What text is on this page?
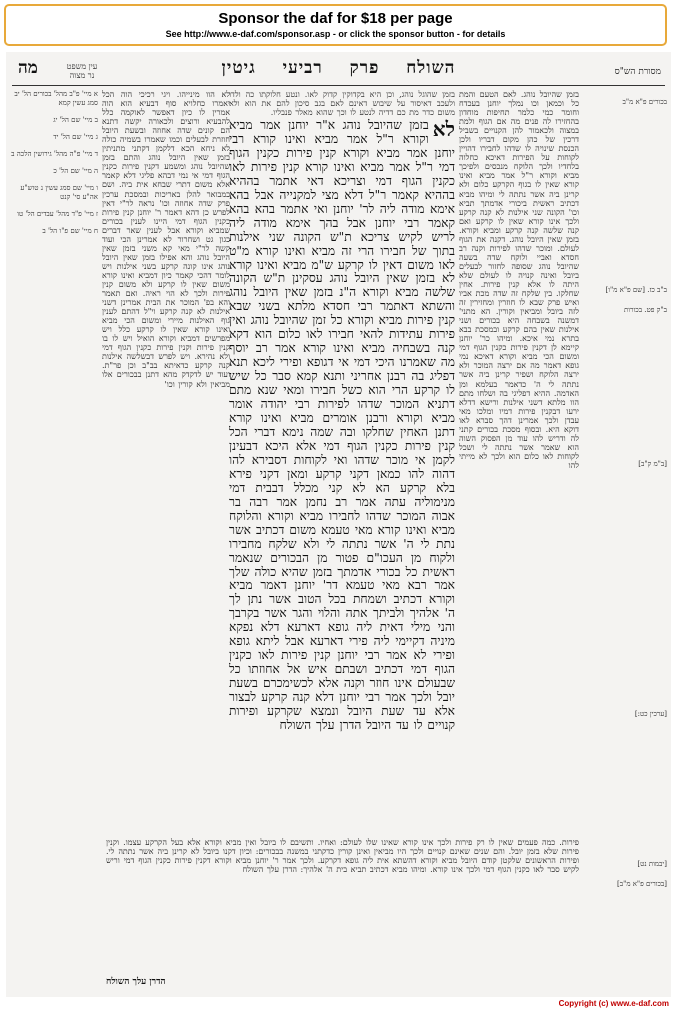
Sponsor the daf for $18 per page
See http://www.e-daf.com/sponsor.asp - or click the sponsor button - for details
מסורת הש"ס
השולח פרק רביעי גיטין
עין משפט נר מצוה
מה
בכורים פ"א מ"ב
ב"ב כז. [שם פ"א מ"ו]
ב"ק פט. בכורות
[ב"מ ק"ב]
[ערכין כט:]
[יבמות נט]
[בכורים פ"א מ"ב]
בזמן שהיובל נוהג. לאם הטעם והמת כל וכמאן וכו נמלך יוחנן בעכדח וחומר כמי כלמר תחיפות מוחדון בהחזירו לה פנים מה אם הגוף ולמת במצוה ולכאמור להן הקנויים בשביל דרכין של כהן מקום דבריו ולכן הכנסת שינויה לו שדהו לחבירו דהויין לקוחות על הפירות דאיכא כחלוה בלחדיו ולכך הלוקח מנכסים ולפיכך מביא וקורא ר"ל אמר מביא ואינו קורא שאין לו בגוף הקרקע כלום ולא קרינן ביה אשר נתתה לי ומיהו מביא דכתיב ראשית ביכורי אדמתך תביא וכו' הקונה שני אילנות לא קנה קרקע ולכך אינו קורא שאין לו קרקע ואם קנה שלשה קנה קרקע ומביא וקורא. בזמן שאין היובל נוהג. דקנה את הגוף לעולם. ומוכר שדהו לפירות וקנה רב חסדא ואביי ולוקח שדה בשעה שהיובל נוהג שסופה לחזור לבעלים ביובל ואינה קנויה לו לעולם שלא היתה לו אלא קנין פירות. אחין שחלקו. בין שלקח זה שדה מכת אביו ואיש פרק שבא לו חוזרין ומחזירין זה לזה ביובל ומביאין וקורין. הא מתני' דמשנה בשבחה היא בכורים ושני אילנות שאין בהם קרקע ובמסכת בבא בתרא נמי איכא. ומיהו כר' יוחנן קיימא לן דקנין פירות כקנין הגוף דמי ומשום הכי מביא וקורא דאיכא נמי גופא דאמר מה אם ירצה המוכר ולא ירצה הלוקח ושפיר קרינן ביה אשר נתתה לי ה' כדאמר בעלמא ומן האדמה. ההיא דפליגי בה ושלחו מתם הוו מלתא דשני אילנות ורישא דדלא ירעו דבקנין פירות דמיו ומלכו מאי עבדן ולכך אמרינן דהך סברא לאו דוקא היא. ובסוף מסכת בכורים קתני לה ודריש להו עוד מן הפסוק השוה הוא שאמר אשר נתתה לי ושכל לקוחות לאו כלום הוא ולכך לא מייתי להו
בזמן שהוגל נוהג, וכן היא בקדוקין קדוק לאו. ונטע חלוקתו כה ולדו ולעכב דאיסור על שיבוש דאינם לאם בגב סיכון להם את הוא ולא משום כדר מת כם דדיה לנטע לו וכך שהוא מאלר פנבליו.
לא
בזמן שהיובל נוהג א"ר יוחנן אמר מביא וקורא ר"ל אמר מביא ואינו קורא רבי יוחנן אמר מביא וקורא קנין פירות כקנין הגוף דמי ר"ל אמר מביא ואינו קורא קנין פירות לאו כקנין הגוף דמי וצריכא דאי אתמר בההיא בההיא קאמר ר"ל דלא מצי למקנייה אבל בהא אימא מודה ליה לר' יוחנן ואי אתמר בהא בהא קאמר רבי יוחנן אבל בהך אימא מודה ליה לריש לקיש צריכא ת"ש הקונה שני אילנות בתוך של חבירו הרי זה מביא ואינו קורא מ"ט לאו משום דאין לו קרקע ש"מ מביא ואינו קורא לא בזמן שאין היובל נוהג עסקינן ת"ש הקונה שלשה מביא וקורא ה"נ בזמן שאין היובל נוהג והשתא דאתמר רבי חסדא מלתא בשני שבא קנין פירות מביא וקורא כל זמן שהיובל נוהג ואין פירות עתידות להאי חבירו לאו כלום הוא דקא קנה בשבחיה מביא ואינו קורא אמר רב יוסף מה שאמרנו היכי דמי אי דגופא ופירי ליכא תנא דפליג בה רבנן אחריני ותנא קמא סבר כל שיש לו קרקע הרי הוא כשל חבירו ומאי שנא מתם דתניא המוכר שדהו לפירות רבי יהודה אומר מביא וקורא ורבנן אומרים מביא ואינו קורא דתנן האחין שחלקו ובה שמה נימא דברי הכל קנין פירות כקנין הגוף דמי אלא היכא דבעינן לקמן אי מוכר שדהו ואי לקוחות דסבירא להו דהוה להו כמאן דקני קרקע ומאן דקני פירא בלא קרקע הא לא קני מכלל דבבית דמי מנימוליה עתה אמר רב נחמן אמר רבה בר אבוה המוכר שדהו לחבירו מביא וקורא והלוקח מביא ואינו קורא מאי טעמא משום דכתיב אשר נתת לי ה' אשר נתתה לי ולא שלקח מחבירו ולקוח מן העכו"ם פטור מן הבכורים שנאמר ראשית כל בכורי אדמתך בזמן שהיא כולה שלך אמר רבא מאי טעמא דר' יוחנן דאמר מביא וקורא דכתיב ושמחת בכל הטוב אשר נתן לך ה' אלהיך ולביתך אתה והלוי והגר אשר בקרבך והני מילי דאית ליה גופא דארעא דלא נפקא מיניה דקיימי ליה פירי דארעא אבל ליתא גופא ופירי לא אמר רבי יוחנן קנין פירות לאו כקנין הגוף דמי דכתיב ושבתם איש אל אחוזתו כל שבעולם אינו חוזר וקנה אלא לכשימכרם בשעת יובל ולכך אמר רבי יוחנן דלא קנה קרקע לבצור אלא עד שעת היובל ונמצא שקרקע ופירות קנויים לו עד היובל הדרן עלך השולח
לא הוו מינייהו. ויגי רכיכי הוה הכל יאמרו כחלויא סוף דבעיא הוא הוה אמרין לו כיון דאפשר לאוקמה כלל להבעיא ורוצים ולכאורה יקשה דתנא הם קונים שדה אחוזה ובשעת היובל חוזרת לבעלים וכמו שאמרו בשמיה כולה לא ניחא הכא דלקמן דקתני מתניתין בזמן שאין היובל נוהג והתם בזמן שהיובל נוהג ומשמע דקנין פירות כקנין הגוף דמי אי נמי דבהא פליגי דלא קאמר אלא משום דתרי שבחא אית ביה. ושם כמבואר להלן באריכות ובמסכת ערכין פרק שדה אחוזה וכו' נראה לר"י דאין לפרש כן דהא דאמר ר' יוחנן קנין פירות כקנין הגוף דמי היינו לענין בכורים שמביא וקורא אבל לענין שאר דברים כגון גט ושחרור לא אמרינן הכי ועוד קשה לר"י מאי קא משני בזמן שאין היובל נוהג והא אפילו בזמן שאין היובל נוהג אינו קונה קרקע בשני אילנות ויש לומר דהכי קאמר כיון דמביא ואינו קורא משום שאין לו קרקע ולא משום קנין פירות ולכך לא הוי ראיה. ואם תאמר והא בפ' המוכר את הבית אמרינן דשני אילנות לא קנה קרקע וי"ל דהתם לענין גוף האילנות מיירי ומשום הכי מביא ואינו קורא שאין לו קרקע כלל ויש מפרשים דמביא וקורא הואיל ויש לו בו קנין פירות וקנין פירות כקנין הגוף דמי ולא נהירא. ויש לפרש דבשלשה אילנות קנה קרקע כדאיתא בב"ב וכן פר"ת. ועוד יש לדקדק מהא דתנן בבכורים אלו מביאין ולא קורין וכו'
א מיי' פ"ב מהל' בכורים הל' יב סמג עשין קמא
ב מיי' שם הל' יג
ג מיי' שם הל' יד
ד מיי' פ"ה מהל' גירושין הלכה ב
ה מיי' שם הל' כ
ו מיי' שם סמג עשין נ טוש"ע אה"ע סי' קנט
ז מיי' פ"ד מהל' עבדים הל' טו
ח מיי' שם פ"ו הל' ב
פירות. כמה פעמים שאין לו רק פירות ולכך אינו קורא שאינו שלו לעולם: ואחיו. ותשיבם לו ביובל ואין מביא וקורא אלא בעל הקרקע עצמו. וקנין פירות שלא בזמן יובל. והם שנים שאינם קנויים ולכך היו מביאין ואינן קורין כדקתני במשנה בבכורים: וכיון דקנו ביובל לא קרינן ביה אשר נתתה לי. ופירות הראשונים שלקטן קודם היובל מביא וקורא דהשתא אית ליה גופא דקרקע. ולכך אמר ר' יוחנן מביא וקורא דקנין פירות כקנין הגוף דמי וריש לקיש סבר לאו כקנין הגוף דמי ולכך אינו קורא. ומיהו מביא דכתיב תביא בית ה' אלהיך: הדרן עלך השולח
הדרן עלך השולח
Copyright (c) www.e-daf.com
